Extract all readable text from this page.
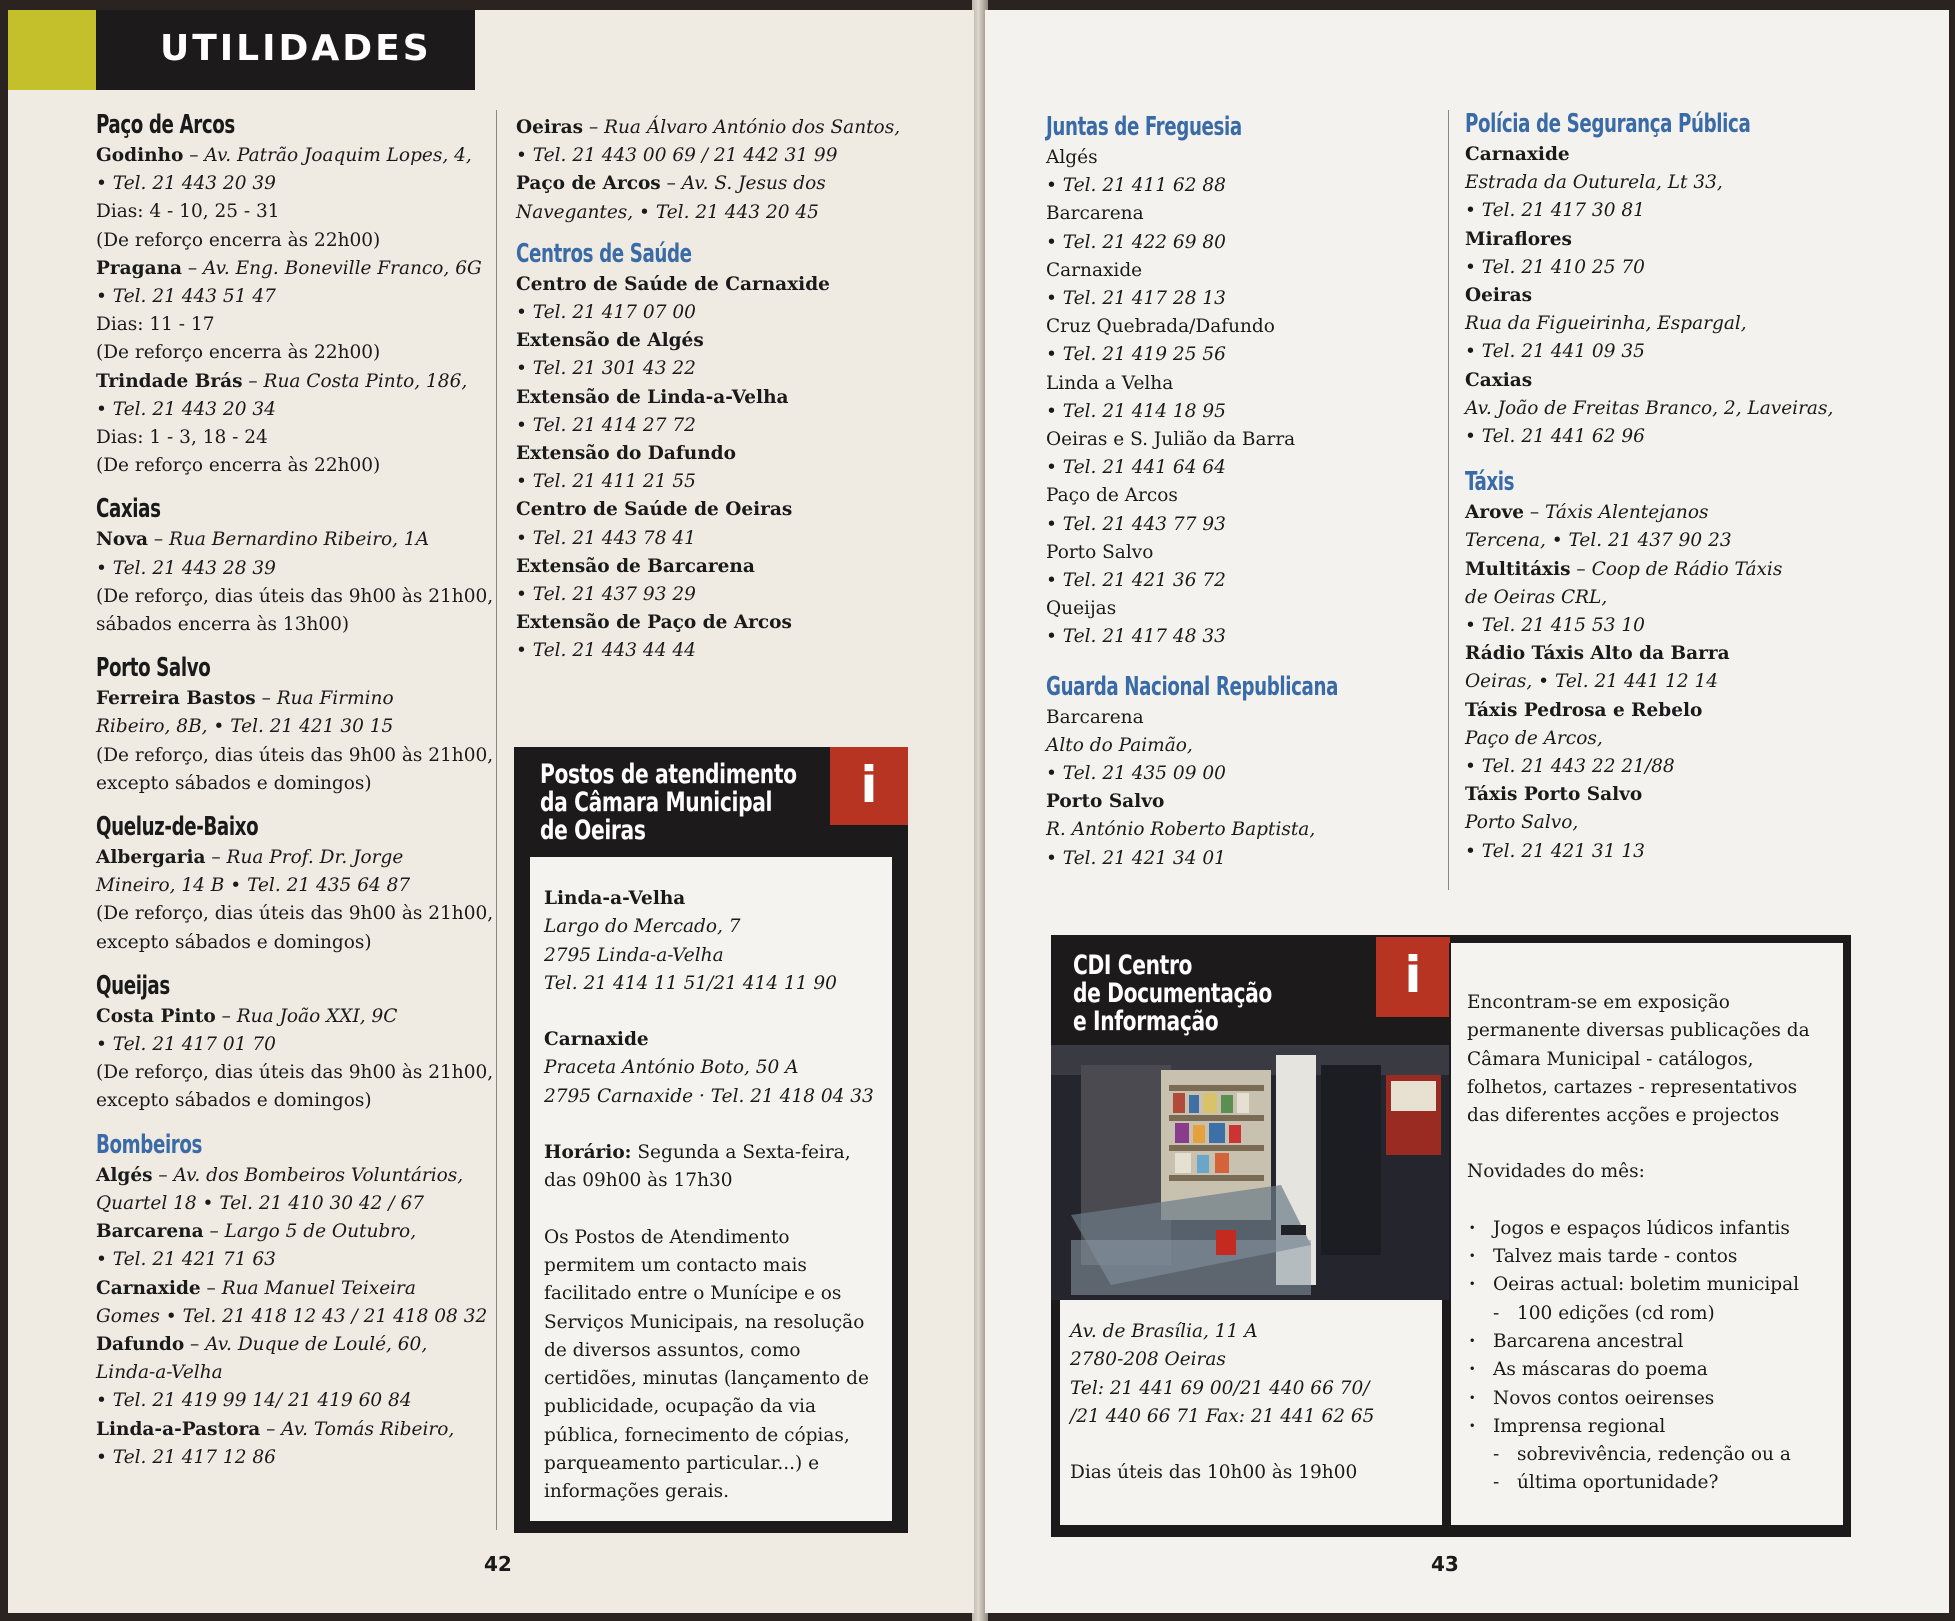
UTILIDADES
Paço de Arcos
Godinho – Av. Patrão Joaquim Lopes, 4,
• Tel. 21 443 20 39
Dias: 4 - 10, 25 - 31
(De reforço encerra às 22h00)
Pragana – Av. Eng. Boneville Franco, 6G
• Tel. 21 443 51 47
Dias: 11 - 17
(De reforço encerra às 22h00)
Trindade Brás – Rua Costa Pinto, 186,
• Tel. 21 443 20 34
Dias: 1 - 3, 18 - 24
(De reforço encerra às 22h00)
Caxias
Nova – Rua Bernardino Ribeiro, 1A
• Tel. 21 443 28 39
(De reforço, dias úteis das 9h00 às 21h00,
sábados encerra às 13h00)
Porto Salvo
Ferreira Bastos – Rua Firmino
Ribeiro, 8B, • Tel. 21 421 30 15
(De reforço, dias úteis das 9h00 às 21h00,
excepto sábados e domingos)
Queluz-de-Baixo
Albergaria – Rua Prof. Dr. Jorge
Mineiro, 14 B • Tel. 21 435 64 87
(De reforço, dias úteis das 9h00 às 21h00,
excepto sábados e domingos)
Queijas
Costa Pinto – Rua João XXI, 9C
• Tel. 21 417 01 70
(De reforço, dias úteis das 9h00 às 21h00,
excepto sábados e domingos)
Bombeiros
Algés – Av. dos Bombeiros Voluntários,
Quartel 18 • Tel. 21 410 30 42 / 67
Barcarena – Largo 5 de Outubro,
• Tel. 21 421 71 63
Carnaxide – Rua Manuel Teixeira
Gomes • Tel. 21 418 12 43 / 21 418 08 32
Dafundo – Av. Duque de Loulé, 60,
Linda-a-Velha
• Tel. 21 419 99 14/ 21 419 60 84
Linda-a-Pastora – Av. Tomás Ribeiro,
• Tel. 21 417 12 86
Oeiras – Rua Álvaro António dos Santos,
• Tel. 21 443 00 69 / 21 442 31 99
Paço de Arcos – Av. S. Jesus dos
Navegantes, • Tel. 21 443 20 45
Centros de Saúde
Centro de Saúde de Carnaxide
• Tel. 21 417 07 00
Extensão de Algés
• Tel. 21 301 43 22
Extensão de Linda-a-Velha
• Tel. 21 414 27 72
Extensão do Dafundo
• Tel. 21 411 21 55
Centro de Saúde de Oeiras
• Tel. 21 443 78 41
Extensão de Barcarena
• Tel. 21 437 93 29
Extensão de Paço de Arcos
• Tel. 21 443 44 44
Postos de atendimento
da Câmara Municipal
de Oeiras
i
Linda-a-Velha
Largo do Mercado, 7
2795 Linda-a-Velha
Tel. 21 414 11 51/21 414 11 90
Carnaxide
Praceta António Boto, 50 A
2795 Carnaxide · Tel. 21 418 04 33
Horário: Segunda a Sexta-feira,
das 09h00 às 17h30
Os Postos de Atendimento
permitem um contacto mais
facilitado entre o Munícipe e os
Serviços Municipais, na resolução
de diversos assuntos, como
certidões, minutas (lançamento de
publicidade, ocupação da via
pública, fornecimento de cópias,
parqueamento particular...) e
informações gerais.
42
Juntas de Freguesia
Algés
• Tel. 21 411 62 88
Barcarena
• Tel. 21 422 69 80
Carnaxide
• Tel. 21 417 28 13
Cruz Quebrada/Dafundo
• Tel. 21 419 25 56
Linda a Velha
• Tel. 21 414 18 95
Oeiras e S. Julião da Barra
• Tel. 21 441 64 64
Paço de Arcos
• Tel. 21 443 77 93
Porto Salvo
• Tel. 21 421 36 72
Queijas
• Tel. 21 417 48 33
Guarda Nacional Republicana
Barcarena
Alto do Paimão,
• Tel. 21 435 09 00
Porto Salvo
R. António Roberto Baptista,
• Tel. 21 421 34 01
Polícia de Segurança Pública
Carnaxide
Estrada da Outurela, Lt 33,
• Tel. 21 417 30 81
Miraflores
• Tel. 21 410 25 70
Oeiras
Rua da Figueirinha, Espargal,
• Tel. 21 441 09 35
Caxias
Av. João de Freitas Branco, 2, Laveiras,
• Tel. 21 441 62 96
Táxis
Arove – Táxis Alentejanos
Tercena, • Tel. 21 437 90 23
Multitáxis – Coop de Rádio Táxis
de Oeiras CRL,
• Tel. 21 415 53 10
Rádio Táxis Alto da Barra
Oeiras, • Tel. 21 441 12 14
Táxis Pedrosa e Rebelo
Paço de Arcos,
• Tel. 21 443 22 21/88
Táxis Porto Salvo
Porto Salvo,
• Tel. 21 421 31 13
CDI Centro
de Documentação
e Informação
i
Av. de Brasília, 11 A
2780-208 Oeiras
Tel: 21 441 69 00/21 440 66 70/
/21 440 66 71 Fax: 21 441 62 65

Dias úteis das 10h00 às 19h00
Encontram-se em exposição
permanente diversas publicações da
Câmara Municipal - catálogos,
folhetos, cartazes - representativos
das diferentes acções e projectos
Novidades do mês:
· Jogos e espaços lúdicos infantis
· Talvez mais tarde - contos
· Oeiras actual: boletim municipal
- 100 edições (cd rom)
· Barcarena ancestral
· As máscaras do poema
· Novos contos oeirenses
· Imprensa regional
- sobrevivência, redenção ou a
- última oportunidade?
43
